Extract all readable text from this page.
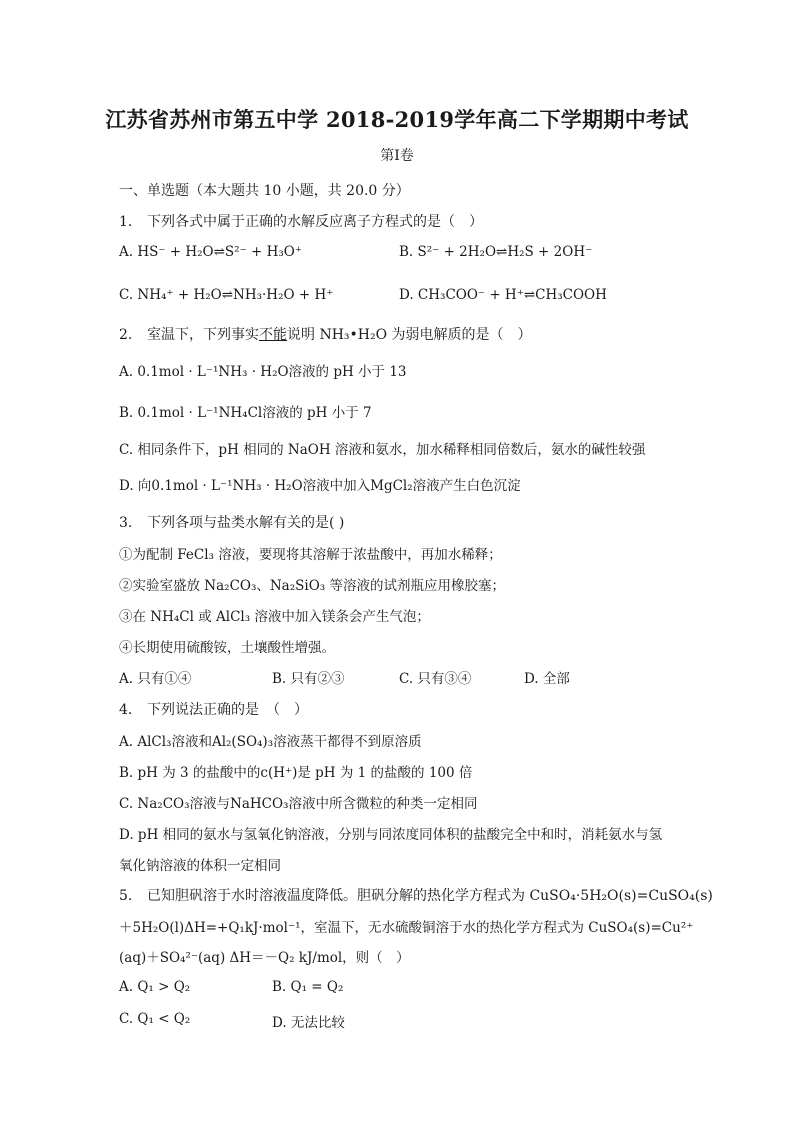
江苏省苏州市第五中学 2018-2019学年高二下学期期中考试
第I卷
一、单选题（本大题共 10 小题，共 20.0 分）
1. 下列各式中属于正确的水解反应离子方程式的是（　）
A. HS⁻ + H₂O⇌S²⁻ + H₃O⁺	B. S²⁻ + 2H₂O⇌H₂S + 2OH⁻
C. NH₄⁺ + H₂O⇌NH₃·H₂O + H⁺	D. CH₃COO⁻ + H⁺⇌CH₃COOH
2. 室温下，下列事实不能说明 NH₃•H₂O 为弱电解质的是（　）
A. 0.1mol · L⁻¹NH₃ · H₂O溶液的 pH 小于 13
B. 0.1mol · L⁻¹NH₄Cl溶液的 pH 小于 7
C. 相同条件下，pH 相同的 NaOH 溶液和氨水，加水稀释相同倍数后，氨水的碱性较强
D. 向0.1mol · L⁻¹NH₃ · H₂O溶液中加入MgCl₂溶液产生白色沉淀
3. 下列各项与盐类水解有关的是( )
①为配制 FeCl₃ 溶液，要现将其溶解于浓盐酸中，再加水稀释；
②实验室盛放 Na₂CO₃、Na₂SiO₃ 等溶液的试剂瓶应用橡胶塞；
③在 NH₄Cl 或 AlCl₃ 溶液中加入镁条会产生气泡；
④长期使用硫酸铵，土壤酸性增强。
A. 只有①④	B. 只有②③	C. 只有③④	D. 全部
4. 下列说法正确的是　（　）
A. AlCl₃溶液和Al₂(SO₄)₃溶液蒸干都得不到原溶质
B. pH 为 3 的盐酸中的c(H⁺)是 pH 为 1 的盐酸的 100 倍
C. Na₂CO₃溶液与NaHCO₃溶液中所含微粒的种类一定相同
D. pH 相同的氨水与氢氧化钠溶液，分别与同浓度同体积的盐酸完全中和时，消耗氨水与氢
氧化钠溶液的体积一定相同
5. 已知胆矾溶于水时溶液温度降低。胆矾分解的热化学方程式为 CuSO₄·5H₂O(s)=CuSO₄(s)
＋5H₂O(l)ΔH=+Q₁kJ·mol⁻¹，室温下，无水硫酸铜溶于水的热化学方程式为 CuSO₄(s)=Cu²⁺
(aq)＋SO₄²⁻(aq) ΔH＝－Q₂ kJ/mol，则（　）
A. Q₁ > Q₂	B. Q₁ = Q₂
C. Q₁ < Q₂	D. 无法比较
